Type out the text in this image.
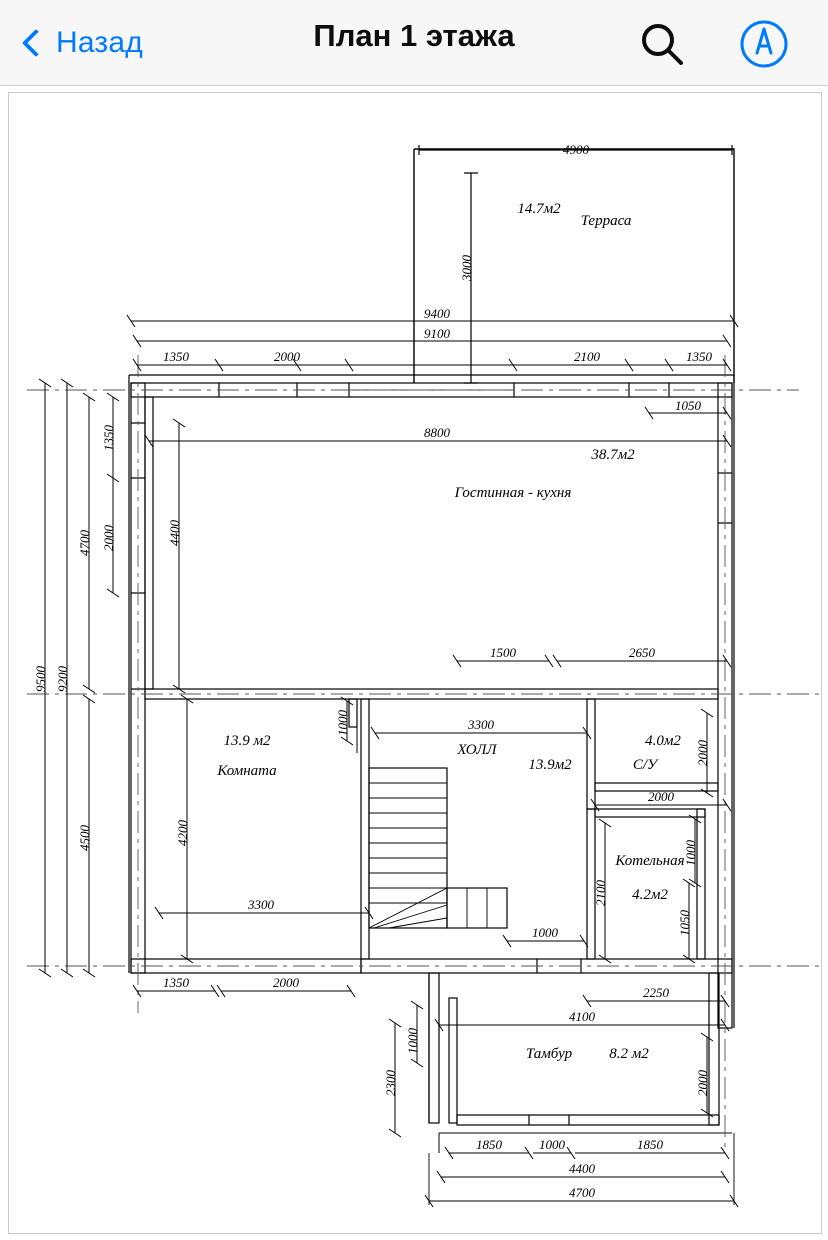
Назад	План 1 этажа
4900
3000
9400
9100
1350	2000	2100	1350
1050
8800
9500 9200
4700
4500
1350
2000	4400
4200
1500	2650
3300
1000
3300
2000
2000
2100
1000
1050
1000
1350	2000
2250
4100
2000
1000
2300
1850	1000	1850
4400
4700
14.7м2
Терраса
38.7м2
Гостинная - кухня
13.9 м2
Комната
ХОЛЛ
13.9м2
4.0м2
С/У
Котельная
4.2м2
Тамбур 8.2 м2
